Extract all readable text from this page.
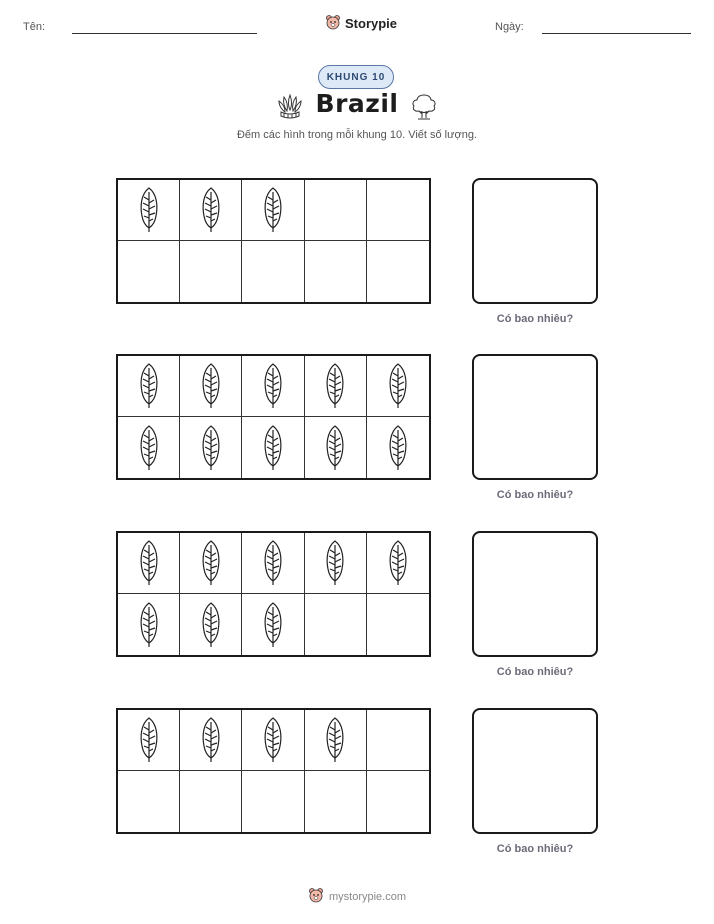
Tên:	Storypie	Ngày:
KHUNG 10
Brazil
Đếm các hình trong mỗi khung 10. Viết số lượng.
Có bao nhiêu?
Có bao nhiêu?
Có bao nhiêu?
Có bao nhiêu?
mystorypie.com
